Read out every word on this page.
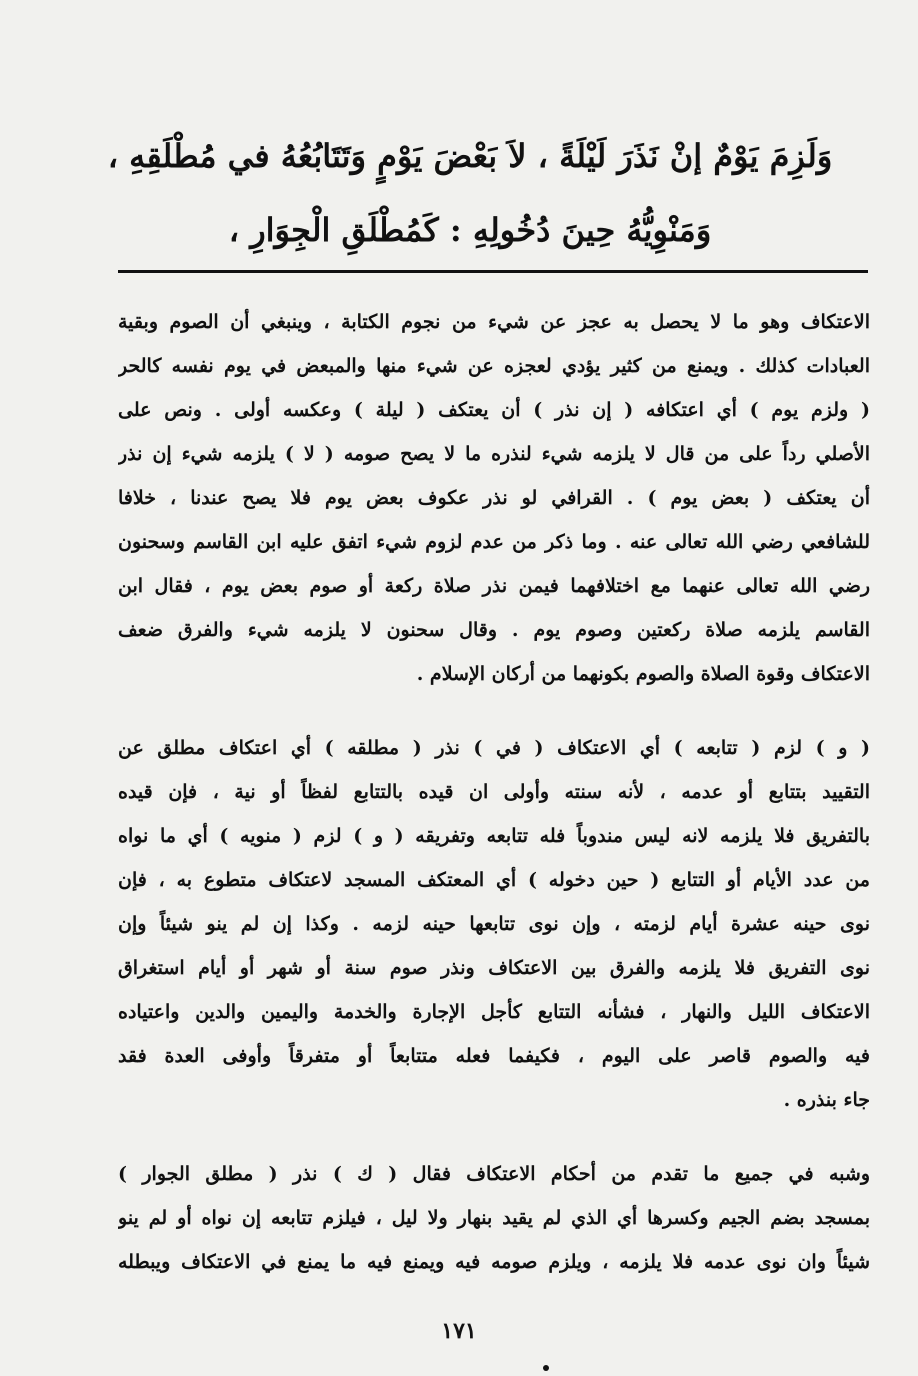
وَلَزِمَ يَوْمٌ إنْ نَذَرَ لَيْلَةً ، لاَ بَعْضَ يَوْمٍ وَتَتَابُعُهُ في مُطْلَقِهِ ،
وَمَنْوِيُّهُ حِينَ دُخُولِهِ : كَمُطْلَقِ الْجِوَارِ ،
الاعتكاف وهو ما لا يحصل به عجز عن شيء من نجوم الكتابة ، وينبغي أن الصوم وبقية
العبادات كذلك . ويمنع من كثير يؤدي لعجزه عن شيء منها والمبعض في يوم نفسه كالحر
( ولزم يوم ) أي اعتكافه ( إن نذر ) أن يعتكف ( ليلة ) وعكسه أولى . ونص على
الأصلي رداً على من قال لا يلزمه شيء لنذره ما لا يصح صومه ( لا ) يلزمه شيء إن نذر
أن يعتكف ( بعض يوم ) . القرافي لو نذر عكوف بعض يوم فلا يصح عندنا ، خلافا
للشافعي رضي الله تعالى عنه . وما ذكر من عدم لزوم شيء اتفق عليه ابن القاسم وسحنون
رضي الله تعالى عنهما مع اختلافهما فيمن نذر صلاة ركعة أو صوم بعض يوم ، فقال ابن
القاسم يلزمه صلاة ركعتين وصوم يوم . وقال سحنون لا يلزمه شيء والفرق ضعف
الاعتكاف وقوة الصلاة والصوم بكونهما من أركان الإسلام .
( و ) لزم ( تتابعه ) أي الاعتكاف ( في ) نذر ( مطلقه ) أي اعتكاف مطلق عن
التقييد بتتابع أو عدمه ، لأنه سنته وأولى ان قيده بالتتابع لفظاً أو نية ، فإن قيده
بالتفريق فلا يلزمه لانه ليس مندوباً فله تتابعه وتفريقه ( و ) لزم ( منويه ) أي ما نواه
من عدد الأيام أو التتابع ( حين دخوله ) أي المعتكف المسجد لاعتكاف متطوع به ، فإن
نوى حينه عشرة أيام لزمته ، وإن نوى تتابعها حينه لزمه . وكذا إن لم ينو شيئاً وإن
نوى التفريق فلا يلزمه والفرق بين الاعتكاف ونذر صوم سنة أو شهر أو أيام استغراق
الاعتكاف الليل والنهار ، فشأنه التتابع كأجل الإجارة والخدمة واليمين والدين واعتياده
فيه والصوم قاصر على اليوم ، فكيفما فعله متتابعاً أو متفرقاً وأوفى العدة فقد
جاء بنذره .
وشبه في جميع ما تقدم من أحكام الاعتكاف فقال ( ك ) نذر ( مطلق الجوار )
بمسجد بضم الجيم وكسرها أي الذي لم يقيد بنهار ولا ليل ، فيلزم تتابعه إن نواه أو لم ينو
شيئاً وان نوى عدمه فلا يلزمه ، ويلزم صومه فيه ويمنع فيه ما يمنع في الاعتكاف ويبطله
١٧١
